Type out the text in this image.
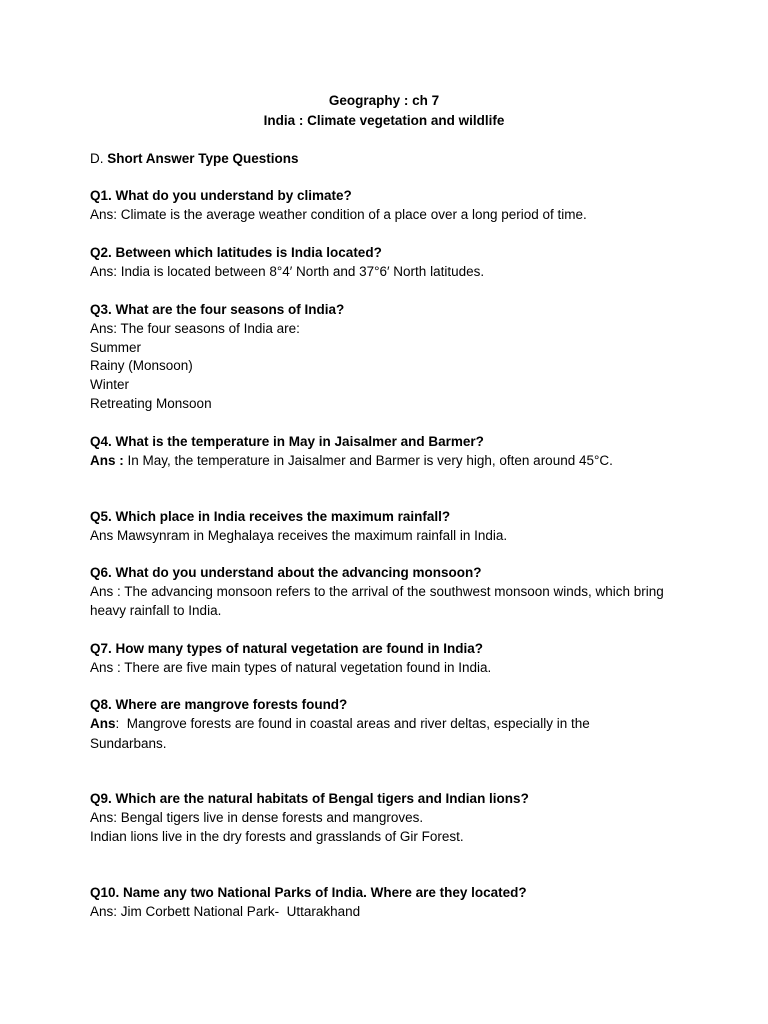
Geography : ch 7
India : Climate vegetation and wildlife
D. Short Answer Type Questions
Q1. What do you understand by climate?
Ans: Climate is the average weather condition of a place over a long period of time.
Q2. Between which latitudes is India located?
Ans: India is located between 8°4′ North and 37°6′ North latitudes.
Q3. What are the four seasons of India?
Ans: The four seasons of India are:
Summer
Rainy (Monsoon)
Winter
Retreating Monsoon
Q4. What is the temperature in May in Jaisalmer and Barmer?
Ans : In May, the temperature in Jaisalmer and Barmer is very high, often around 45°C.
Q5. Which place in India receives the maximum rainfall?
Ans Mawsynram in Meghalaya receives the maximum rainfall in India.
Q6. What do you understand about the advancing monsoon?
Ans : The advancing monsoon refers to the arrival of the southwest monsoon winds, which bring
heavy rainfall to India.
Q7. How many types of natural vegetation are found in India?
Ans : There are five main types of natural vegetation found in India.
Q8. Where are mangrove forests found?
Ans:  Mangrove forests are found in coastal areas and river deltas, especially in the
Sundarbans.
Q9. Which are the natural habitats of Bengal tigers and Indian lions?
Ans: Bengal tigers live in dense forests and mangroves.
Indian lions live in the dry forests and grasslands of Gir Forest.
Q10. Name any two National Parks of India. Where are they located?
Ans: Jim Corbett National Park-  Uttarakhand
